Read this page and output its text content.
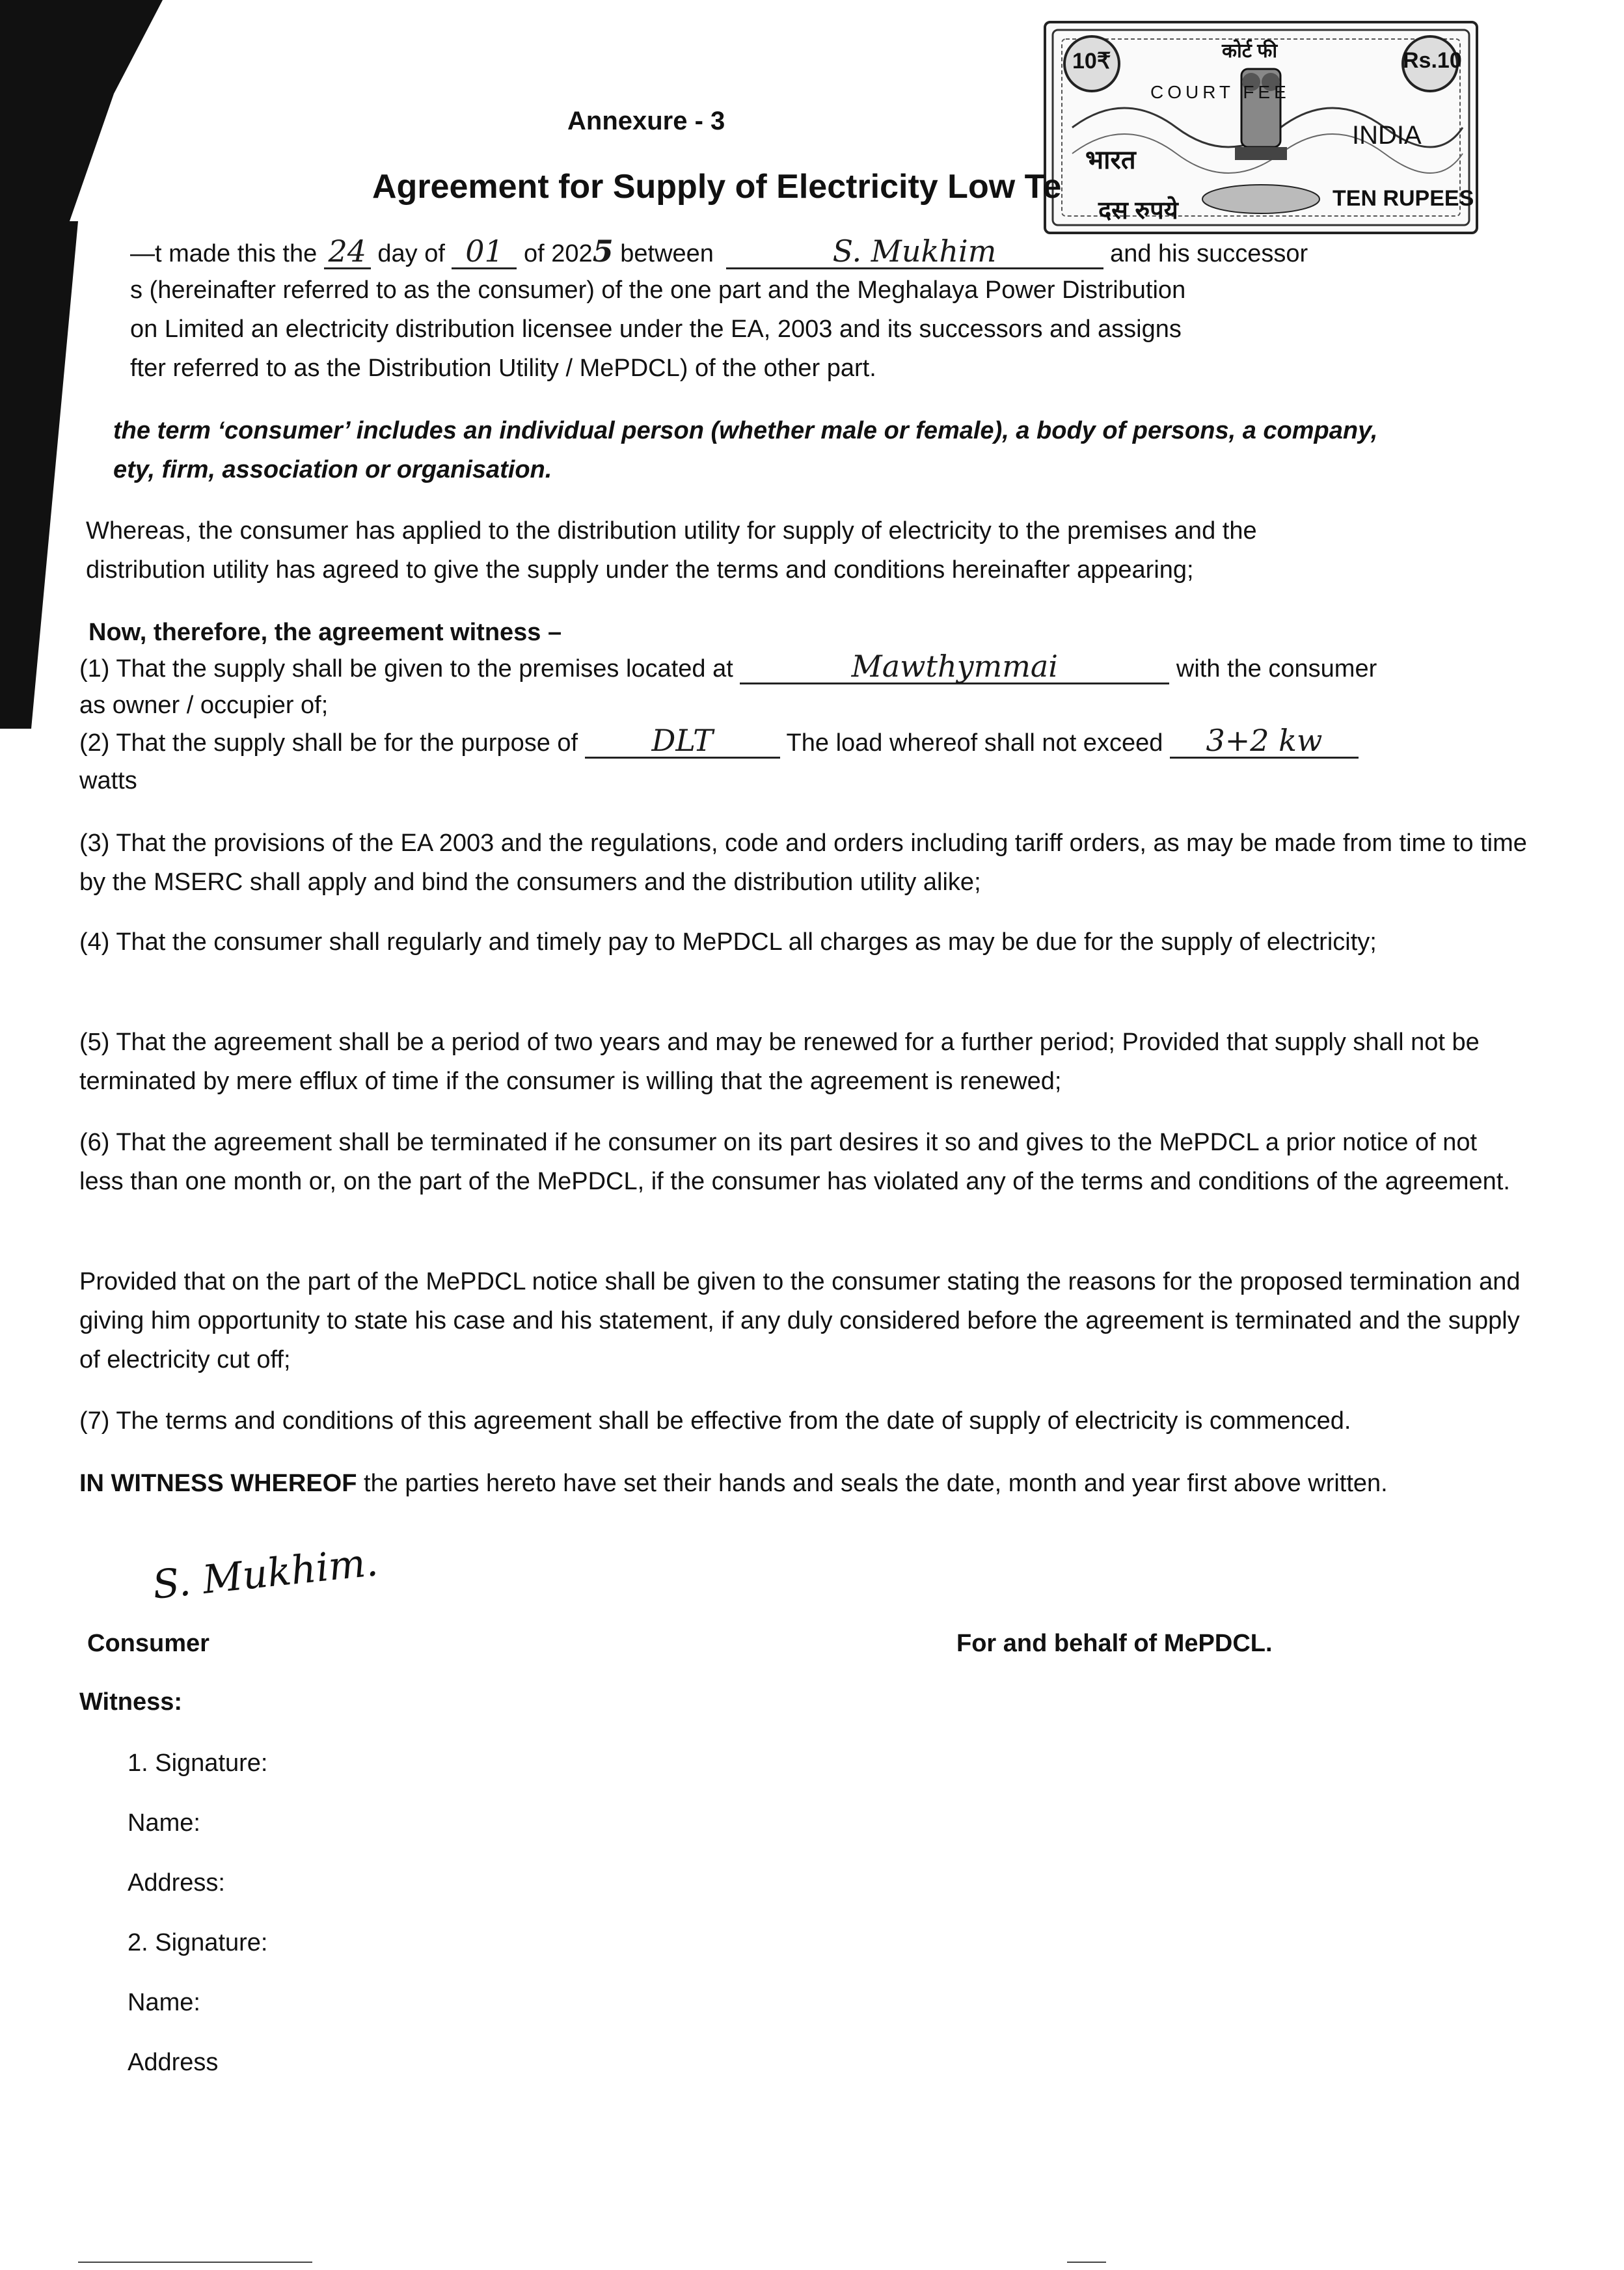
10₹	Rs.10
कोर्ट फी
COURT FEE
भारत
INDIA
दस रुपये	TEN RUPEES
Annexure - 3
Agreement for Supply of Electricity Low Te
—t made this the 24 day of 01 of 2025 between	S. Mukhim	and his successor
s (hereinafter referred to as the consumer) of the one part and the Meghalaya Power Distribution
on Limited an electricity distribution licensee under the EA, 2003 and its successors and assigns
fter referred to as the Distribution Utility / MePDCL) of the other part.
the term ‘consumer’ includes an individual person (whether male or female), a body of persons, a company,
ety, firm, association or organisation.
Whereas, the consumer has applied to the distribution utility for supply of electricity to the premises and the
distribution utility has agreed to give the supply under the terms and conditions hereinafter appearing;
Now, therefore, the agreement witness –
(1) That the supply shall be given to the premises located at	Mawthymmai	with the consumer
as owner / occupier of;
(2) That the supply shall be for the purpose of DLT	The load whereof shall not exceed 3+2 kw
watts
(3) That the provisions of the EA 2003 and the regulations, code and orders including tariff orders, as may be made from time to time by the MSERC shall apply and bind the consumers and the distribution utility alike;
(4) That the consumer shall regularly and timely pay to MePDCL all charges as may be due for the supply of electricity;
(5) That the agreement shall be a period of two years and may be renewed for a further period; Provided that supply shall not be terminated by mere efflux of time if the consumer is willing that the agreement is renewed;
(6) That the agreement shall be terminated if he consumer on its part desires it so and gives to the MePDCL a prior notice of not less than one month or, on the part of the MePDCL, if the consumer has violated any of the terms and conditions of the agreement.
Provided that on the part of the MePDCL notice shall be given to the consumer stating the reasons for the proposed termination and giving him opportunity to state his case and his statement, if any duly considered before the agreement is terminated and the supply of electricity cut off;
(7) The terms and conditions of this agreement shall be effective from the date of supply of electricity is commenced.
IN WITNESS WHEREOF the parties hereto have set their hands and seals the date, month and year first above written.
S. Mukhim.
Consumer	For and behalf of MePDCL.
Witness:
1. Signature:
Name:
Address:
2. Signature:
Name:
Address
